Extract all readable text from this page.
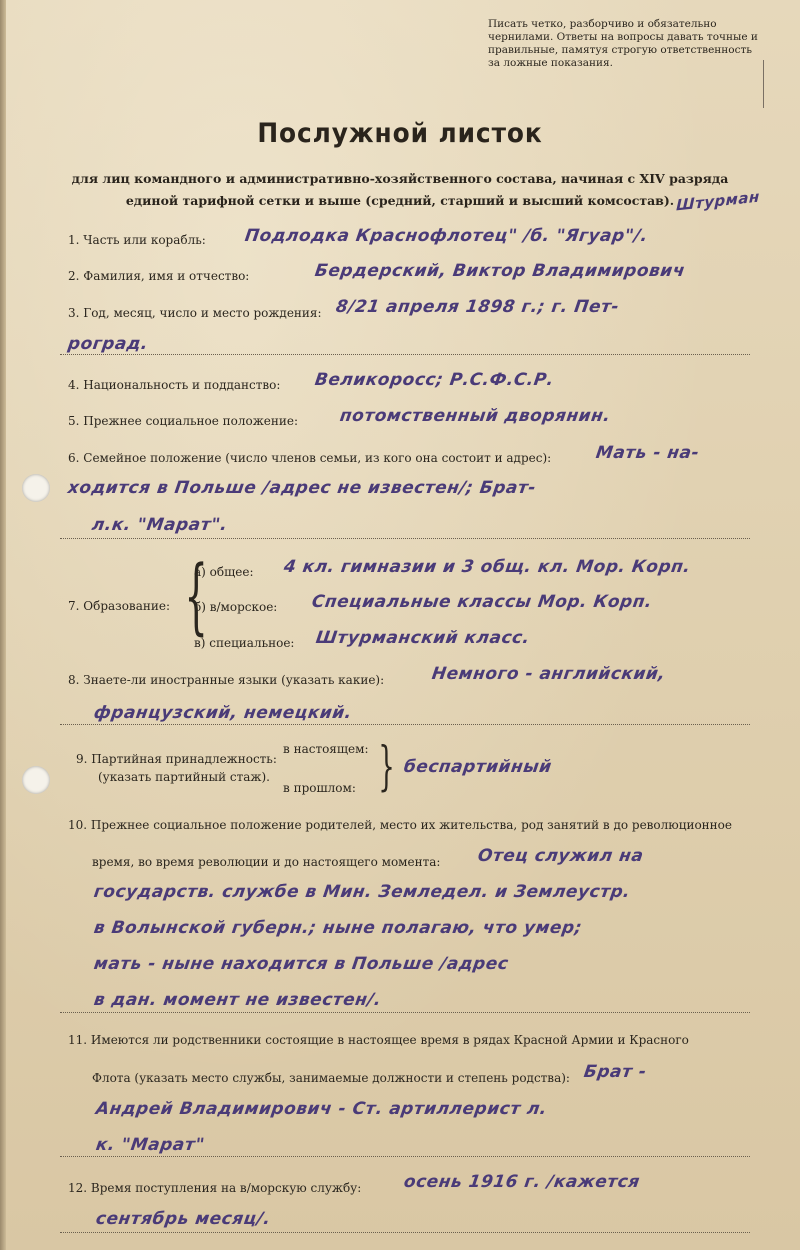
Писать четко, разборчиво и обязательно чернилами. Ответы на вопросы давать точные и правильные, памятуя строгую ответственность за ложные показания.
Послужной листок
для лиц командного и административно-хозяйственного состава, начиная с XIV разряда единой тарифной сетки и выше (средний, старший и высший комсостав). Штурман
1. Часть или корабль: Подлодка Краснофлотец" /б. "Ягуар"/.
2. Фамилия, имя и отчество:	Бердерский, Виктор Владимирович
3. Год, месяц, число и место рождения: 8/21 апреля 1898 г.; г. Пет-
роград.
4. Национальность и подданство: Великоросс; Р.С.Ф.С.Р.
5. Прежнее социальное положение: потомственный дворянин.
6. Семейное положение (число членов семьи, из кого она состоит и адрес):	Мать - на-
ходится в Польше /адрес не известен/; Брат-
л.к. "Марат".
7. Образование: {
а) общее: 4 кл. гимназии и 3 общ. кл. Мор. Корп.
б) в/морское: Специальные классы Мор. Корп.
в) специальное: Штурманский класс.
8. Знаете-ли иностранные языки (указать какие):	Немного - английский,
французский, немецкий.
9. Партийная принадлежность:
(указать партийный стаж).
в настоящем:
в прошлом: } беспартийный
10. Прежнее социальное положение родителей, место их жительства, род занятий в до революционное
время, во время революции и до настоящего момента: Отец служил на
государств. службе в Мин. Земледел. и Землеустр.
в Волынской губерн.; ныне полагаю, что умер;
мать - ныне находится в Польше /адрес
в дан. момент не известен/.
11. Имеются ли родственники состоящие в настоящее время в рядах Красной Армии и Красного
Флота (указать место службы, занимаемые должности и степень родства): Брат -
Андрей Владимирович - Ст. артиллерист л.
к. "Марат"
12. Время поступления на в/морскую службу: осень 1916 г. /кажется
сентябрь месяц/.
